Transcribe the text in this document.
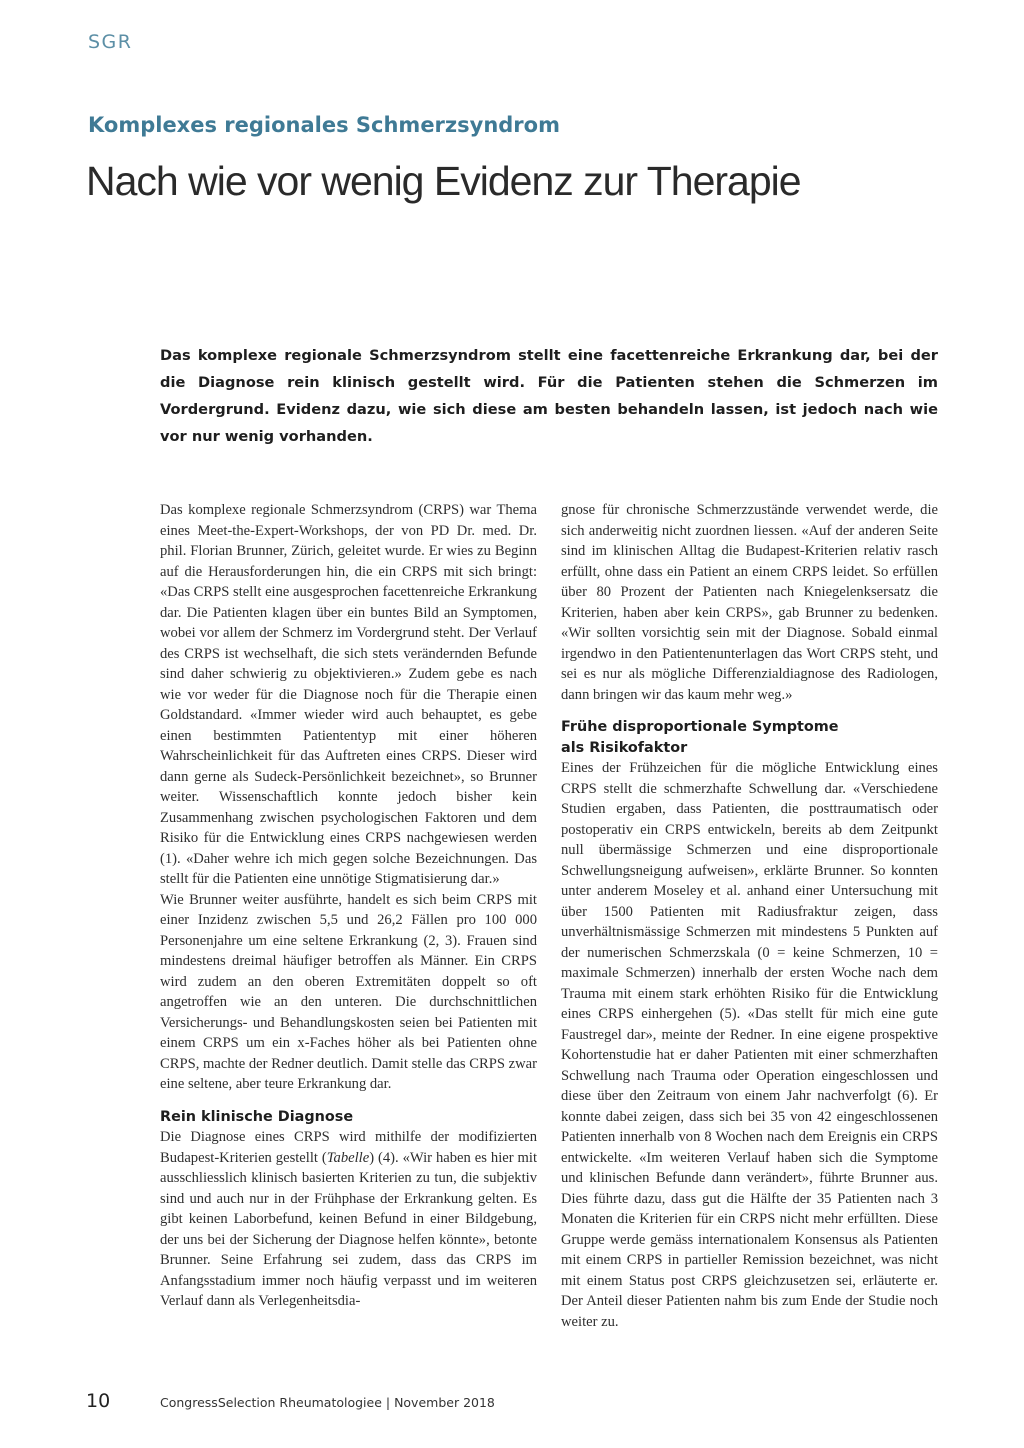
SGR
Komplexes regionales Schmerzsyndrom
Nach wie vor wenig Evidenz zur Therapie
Das komplexe regionale Schmerzsyndrom stellt eine facettenreiche Erkrankung dar, bei der die Diagnose rein klinisch gestellt wird. Für die Patienten stehen die Schmerzen im Vordergrund. Evidenz dazu, wie sich diese am besten behandeln lassen, ist jedoch nach wie vor nur wenig vorhanden.

Das komplexe regionale Schmerzsyndrom (CRPS) war Thema eines Meet-the-Expert-Workshops, der von PD Dr. med. Dr. phil. Florian Brunner, Zürich, geleitet wurde. Er wies zu Beginn auf die Herausforderungen hin, die ein CRPS mit sich bringt: «Das CRPS stellt eine ausgesprochen facettenreiche Erkrankung dar. Die Patienten klagen über ein buntes Bild an Symptomen, wobei vor allem der Schmerz im Vordergrund steht. Der Verlauf des CRPS ist wechselhaft, die sich stets verändernden Befunde sind daher schwierig zu objektivieren.» Zudem gebe es nach wie vor weder für die Diagnose noch für die Therapie einen Goldstandard. «Immer wieder wird auch behauptet, es gebe einen bestimmten Patiententyp mit einer höheren Wahrscheinlichkeit für das Auftreten eines CRPS. Dieser wird dann gerne als Sudeck-Persönlichkeit bezeichnet», so Brunner weiter. Wissenschaftlich konnte jedoch bisher kein Zusammenhang zwischen psychologischen Faktoren und dem Risiko für die Entwicklung eines CRPS nachgewiesen werden (1). «Daher wehre ich mich gegen solche Bezeichnungen. Das stellt für die Patienten eine unnötige Stigmatisierung dar.»

Wie Brunner weiter ausführte, handelt es sich beim CRPS mit einer Inzidenz zwischen 5,5 und 26,2 Fällen pro 100 000 Personenjahre um eine seltene Erkrankung (2, 3). Frauen sind mindestens dreimal häufiger betroffen als Männer. Ein CRPS wird zudem an den oberen Extremitäten doppelt so oft angetroffen wie an den unteren. Die durchschnittlichen Versicherungs- und Behandlungskosten seien bei Patienten mit einem CRPS um ein x-Faches höher als bei Patienten ohne CRPS, machte der Redner deutlich. Damit stelle das CRPS zwar eine seltene, aber teure Erkrankung dar.

Rein klinische Diagnose

Die Diagnose eines CRPS wird mithilfe der modifizierten Budapest-Kriterien gestellt (Tabelle) (4). «Wir haben es hier mit ausschliesslich klinisch basierten Kriterien zu tun, die subjektiv sind und auch nur in der Frühphase der Erkrankung gelten. Es gibt keinen Laborbefund, keinen Befund in einer Bildgebung, der uns bei der Sicherung der Diagnose helfen könnte», betonte Brunner. Seine Erfahrung sei zudem, dass das CRPS im Anfangsstadium immer noch häufig verpasst und im weiteren Verlauf dann als Verlegenheitsdia-

gnose für chronische Schmerzzustände verwendet werde, die sich anderweitig nicht zuordnen liessen. «Auf der anderen Seite sind im klinischen Alltag die Budapest-Kriterien relativ rasch erfüllt, ohne dass ein Patient an einem CRPS leidet. So erfüllen über 80 Prozent der Patienten nach Kniegelenksersatz die Kriterien, haben aber kein CRPS», gab Brunner zu bedenken. «Wir sollten vorsichtig sein mit der Diagnose. Sobald einmal irgendwo in den Patientenunterlagen das Wort CRPS steht, und sei es nur als mögliche Differenzialdiagnose des Radiologen, dann bringen wir das kaum mehr weg.»

Frühe disproportionale Symptome
als Risikofaktor

Eines der Frühzeichen für die mögliche Entwicklung eines CRPS stellt die schmerzhafte Schwellung dar. «Verschiedene Studien ergaben, dass Patienten, die posttraumatisch oder postoperativ ein CRPS entwickeln, bereits ab dem Zeitpunkt null übermässige Schmerzen und eine disproportionale Schwellungsneigung aufweisen», erklärte Brunner. So konnten unter anderem Moseley et al. anhand einer Untersuchung mit über 1500 Patienten mit Radiusfraktur zeigen, dass unverhältnismässige Schmerzen mit mindestens 5 Punkten auf der numerischen Schmerzskala (0 = keine Schmerzen, 10 = maximale Schmerzen) innerhalb der ersten Woche nach dem Trauma mit einem stark erhöhten Risiko für die Entwicklung eines CRPS einhergehen (5). «Das stellt für mich eine gute Faustregel dar», meinte der Redner. In eine eigene prospektive Kohortenstudie hat er daher Patienten mit einer schmerzhaften Schwellung nach Trauma oder Operation eingeschlossen und diese über den Zeitraum von einem Jahr nachverfolgt (6). Er konnte dabei zeigen, dass sich bei 35 von 42 eingeschlossenen Patienten innerhalb von 8 Wochen nach dem Ereignis ein CRPS entwickelte. «Im weiteren Verlauf haben sich die Symptome und klinischen Befunde dann verändert», führte Brunner aus. Dies führte dazu, dass gut die Hälfte der 35 Patienten nach 3 Monaten die Kriterien für ein CRPS nicht mehr erfüllten. Diese Gruppe werde gemäss internationalem Konsensus als Patienten mit einem CRPS in partieller Remission bezeichnet, was nicht mit einem Status post CRPS gleichzusetzen sei, erläuterte er. Der Anteil dieser Patienten nahm bis zum Ende der Studie noch weiter zu.

10	CongressSelection Rheumatologiee | November 2018
